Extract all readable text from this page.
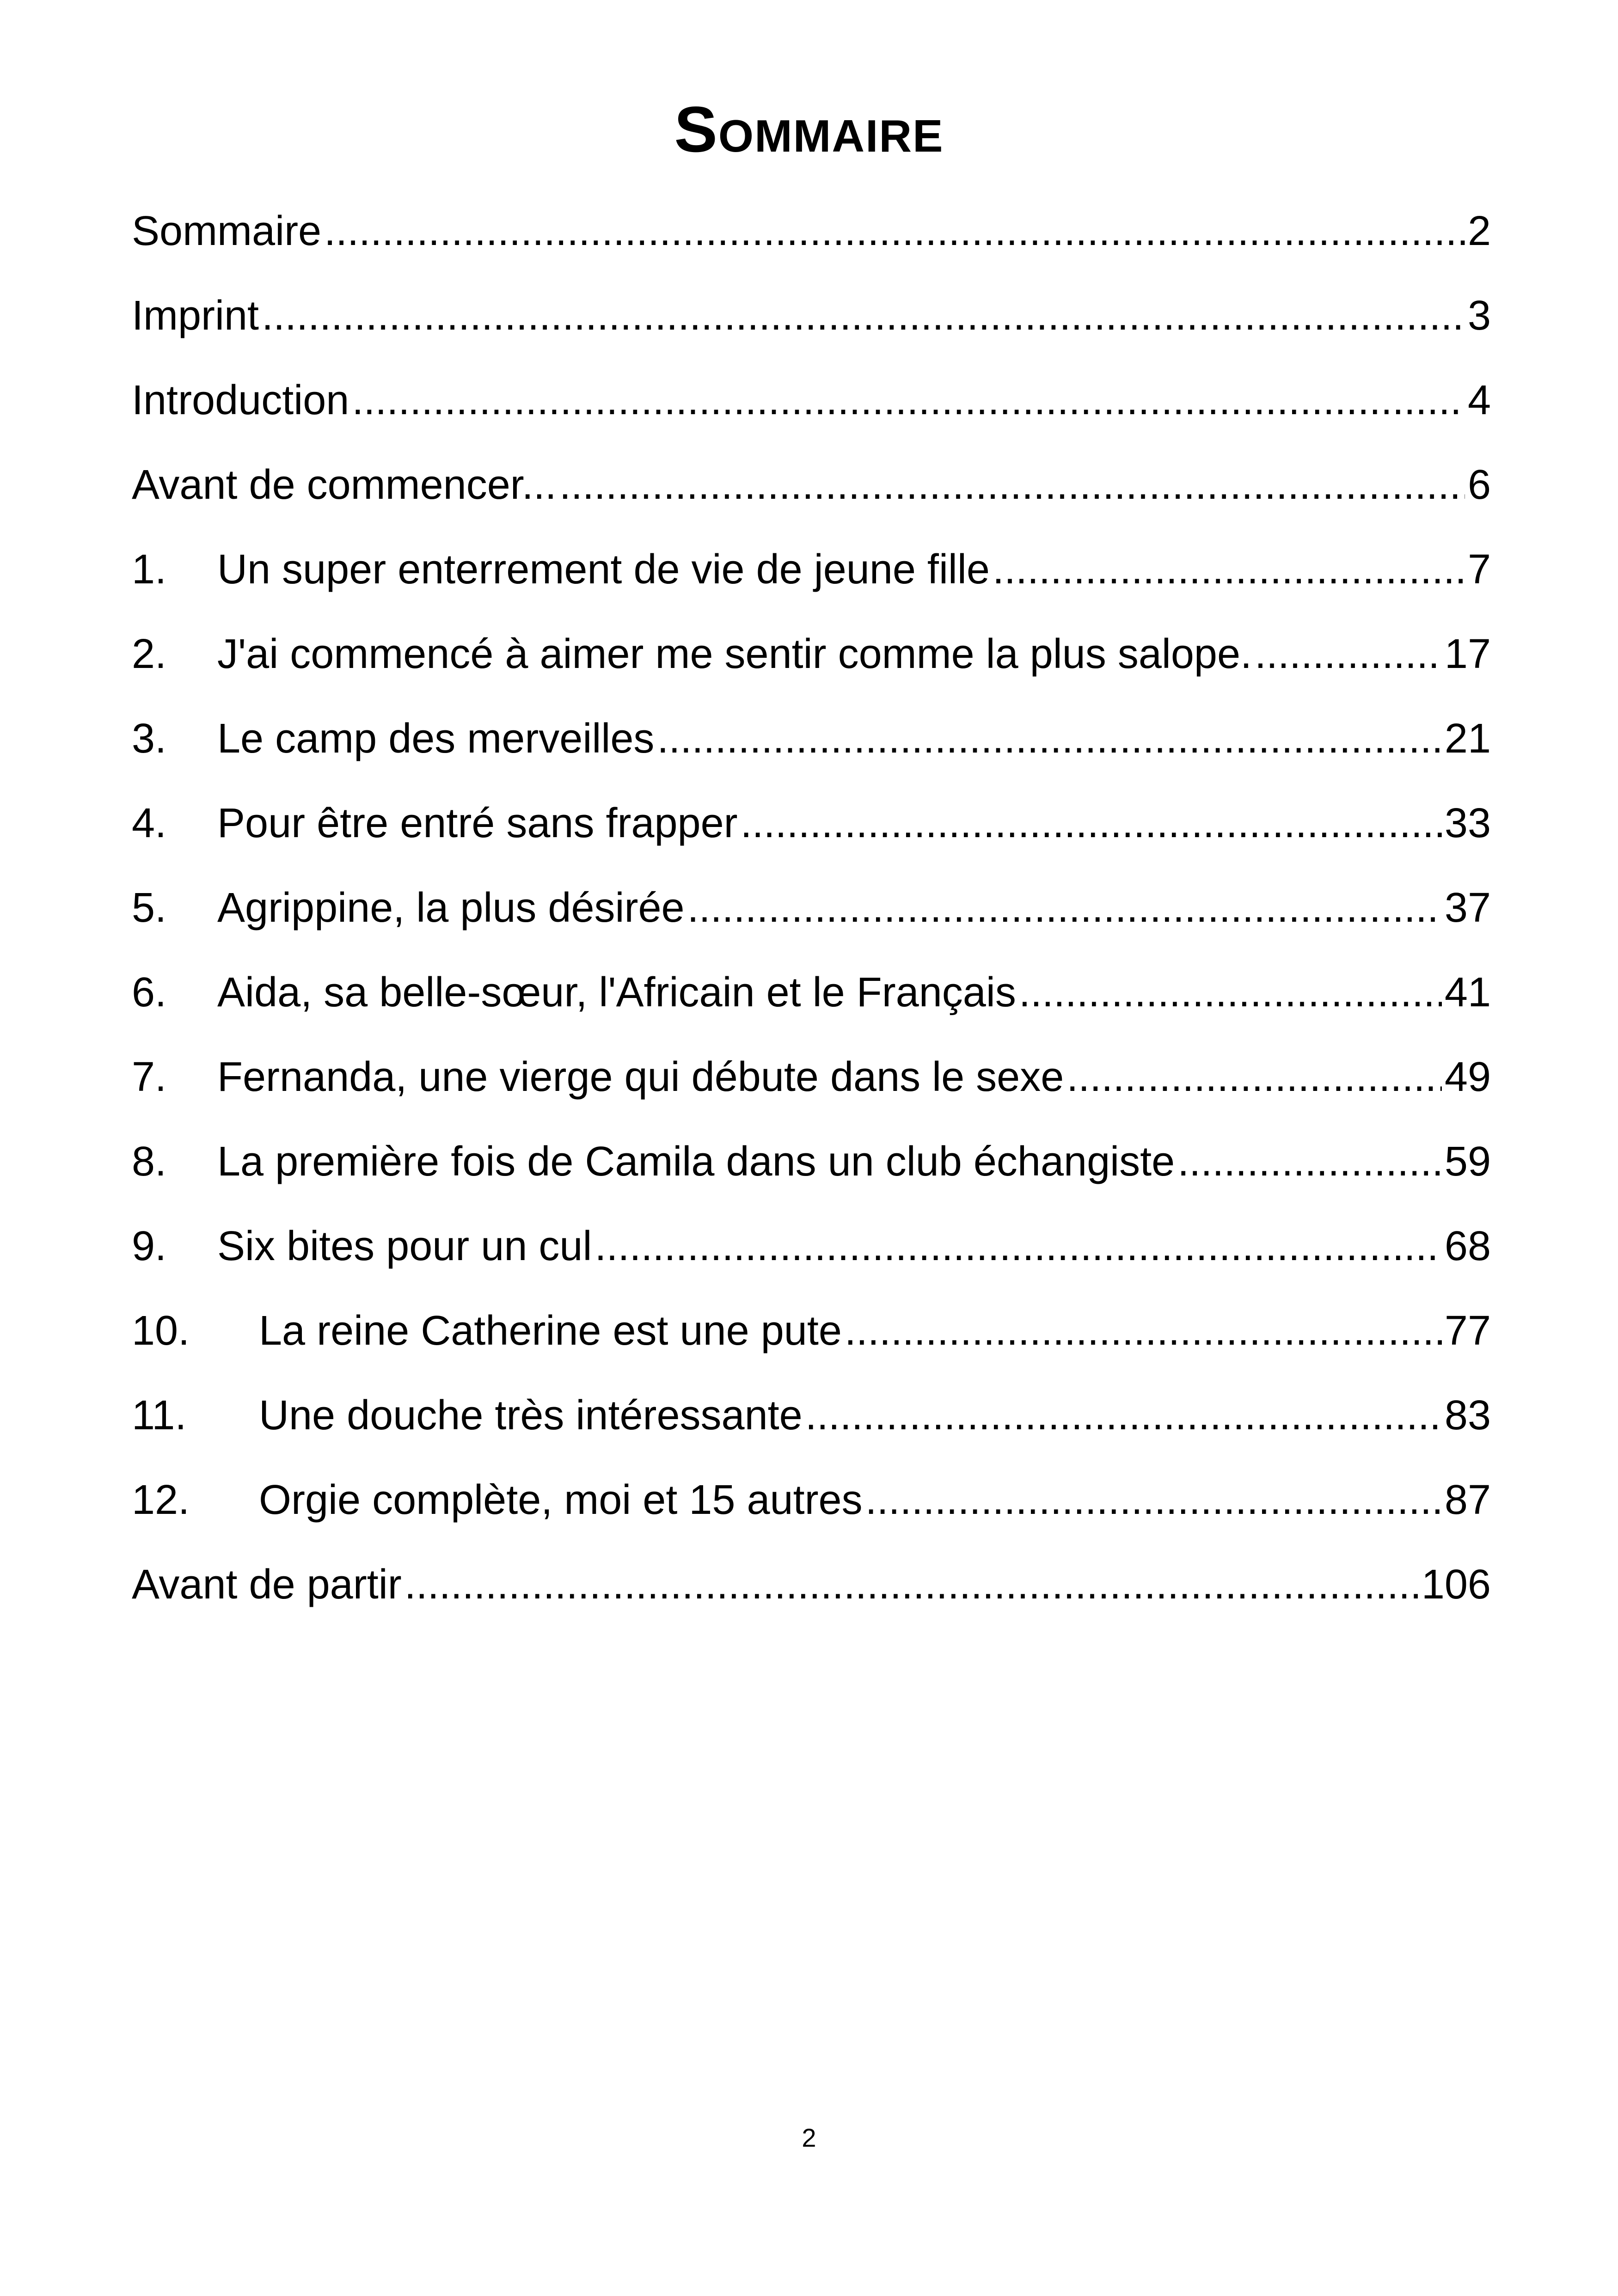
Sommaire
Sommaire .....	2
Imprint .....	3
Introduction .....	4
Avant de commencer... .....	6
1.	Un super enterrement de vie de jeune fille .....	7
2.	J'ai commencé à aimer me sentir comme la plus salope. .....	17
3.	Le camp des merveilles .....	21
4.	Pour être entré sans frapper .....	33
5.	Agrippine, la plus désirée .....	37
6.	Aida, sa belle-sœur, l'Africain et le Français .....	41
7.	Fernanda, une vierge qui débute dans le sexe .....	49
8.	La première fois de Camila dans un club échangiste .....	59
9.	Six bites pour un cul .....	68
10.	La reine Catherine est une pute .....	77
11.	Une douche très intéressante .....	83
12.	Orgie complète, moi et 15 autres .....	87
Avant de partir .....	106
2
